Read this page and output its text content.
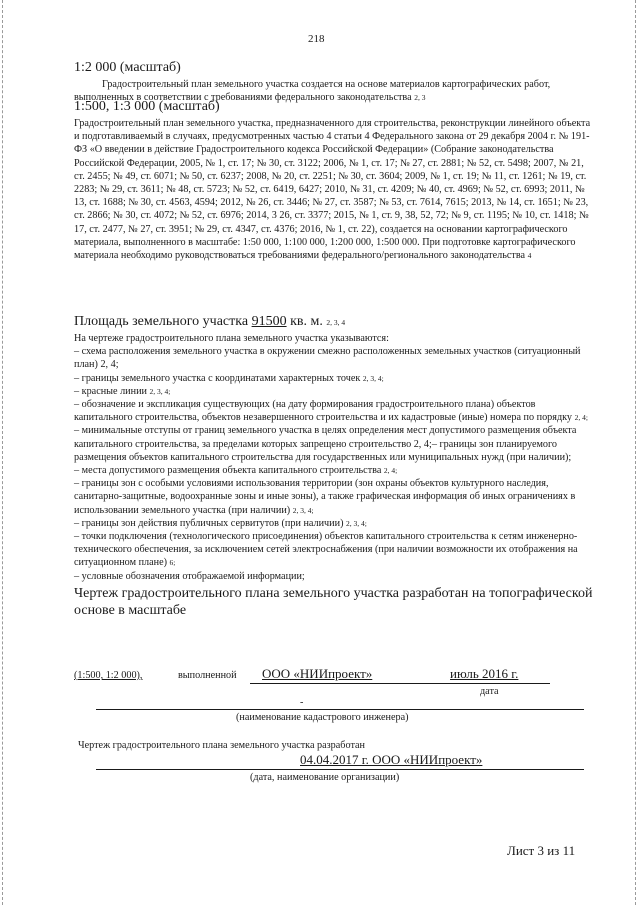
218
1:2 000 (масштаб)

Градостроительный план земельного участка создается на основе материалов картографических работ, выполненных в соответствии с требованиями федерального законодательства 2, 3

1:500, 1:3 000 (масштаб)

Градостроительный план земельного участка, предназначенного для строительства, реконструкции линейного объекта и подготавливаемый в случаях, предусмотренных частью 4 статьи 4 Федерального закона от 29 декабря 2004 г. № 191-ФЗ «О введении в действие Градостроительного кодекса Российской Федерации» (Собрание законодательства Российской Федерации, 2005, № 1, ст. 17; № 30, ст. 3122; 2006, № 1, ст. 17; № 27, ст. 2881; № 52, ст. 5498; 2007, № 21, ст. 2455; № 49, ст. 6071; № 50, ст. 6237; 2008, № 20, ст. 2251; № 30, ст. 3604; 2009, № 1, ст. 19; № 11, ст. 1261; № 19, ст. 2283; № 29, ст. 3611; № 48, ст. 5723; № 52, ст. 6419, 6427; 2010, № 31, ст. 4209; № 40, ст. 4969; № 52, ст. 6993; 2011, № 13, ст. 1688; № 30, ст. 4563, 4594; 2012, № 26, ст. 3446; № 27, ст. 3587; № 53, ст. 7614, 7615; 2013, № 14, ст. 1651; № 23, ст. 2866; № 30, ст. 4072; № 52, ст. 6976; 2014, 3 26, ст. 3377; 2015, № 1, ст. 9, 38, 52, 72; № 9, ст. 1195; № 10, ст. 1418; № 17, ст. 2477, № 27, ст. 3951; № 29, ст. 4347, ст. 4376; 2016, № 1, ст. 22), создается на основании картографического материала, выполненного в масштабе: 1:50 000, 1:100 000, 1:200 000, 1:500 000. При подготовке картографического материала необходимо руководствоваться требованиями федерального/регионального законодательства 4

Площадь земельного участка 91500 кв. м. 2, 3, 4

На чертеже градостроительного плана земельного участка указываются:

– схема расположения земельного участка в окружении смежно расположенных земельных участков (ситуационный план) 2, 4;

– границы земельного участка с координатами характерных точек 2, 3, 4;

– красные линии 2, 3, 4;

– обозначение и экспликация существующих (на дату формирования градостроительного плана) объектов капитального строительства, объектов незавершенного строительства и их кадастровые (иные) номера по порядку 2, 4;

– минимальные отступы от границ земельного участка в целях определения мест допустимого размещения объекта капитального строительства, за пределами которых запрещено строительство 2, 4;– границы зон планируемого размещения объектов капитального строительства для государственных или муниципальных нужд (при наличии);

– места допустимого размещения объекта капитального строительства 2, 4;

– границы зон с особыми условиями использования территории (зон охраны объектов культурного наследия, санитарно-защитные, водоохранные зоны и иные зоны), а также графическая информация об иных ограничениях в использовании земельного участка (при наличии) 2, 3, 4;

– границы зон действия публичных сервитутов (при наличии) 2, 3, 4;

– точки подключения (технологического присоединения) объектов капитального строительства к сетям инженерно-технического обеспечения, за исключением сетей электроснабжения (при наличии возможности их отображения на ситуационном плане) 6;

– условные обозначения отображаемой информации;

Чертеж градостроительного плана земельного участка разработан на топографической основе в масштабе
(1:500, 1:2 000),	выполненной ООО «НИИпроект»	июль 2016 г.
дата
-
(наименование кадастрового инженера)
Чертеж градостроительного плана земельного участка разработан
04.04.2017 г. ООО «НИИпроект»
(дата, наименование организации)
Лист 3 из 11
